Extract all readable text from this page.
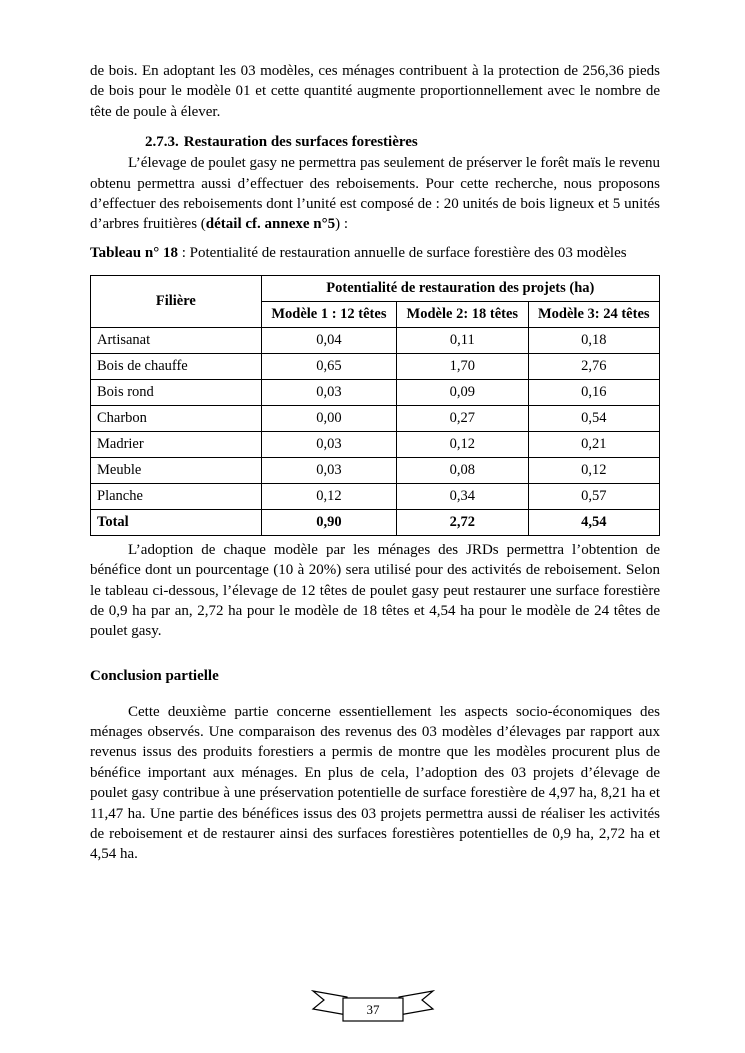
de bois. En adoptant les 03 modèles, ces ménages contribuent à la protection de 256,36 pieds de bois pour le modèle 01 et cette quantité augmente proportionnellement avec le nombre de tête de poule à élever.

2.7.3. Restauration des surfaces forestières

L’élevage de poulet gasy ne permettra pas seulement de préserver le forêt maïs le revenu obtenu permettra aussi d’effectuer des reboisements. Pour cette recherche, nous proposons d’effectuer des reboisements dont l’unité est composé de : 20 unités de bois ligneux et 5 unités d’arbres fruitières (détail cf. annexe n°5) :

Tableau n° 18 : Potentialité de restauration annuelle de surface forestière des 03 modèles

Filière	Potentialité de restauration des projets (ha)		
	Modèle 1 : 12 têtes	Modèle 2: 18 têtes	Modèle 3: 24 têtes
Artisanat	0,04	0,11	0,18
Bois de chauffe	0,65	1,70	2,76
Bois rond	0,03	0,09	0,16
Charbon	0,00	0,27	0,54
Madrier	0,03	0,12	0,21
Meuble	0,03	0,08	0,12
Planche	0,12	0,34	0,57
Total	0,90	2,72	4,54

L’adoption de chaque modèle par les ménages des JRDs permettra l’obtention de bénéfice dont un pourcentage (10 à 20%) sera utilisé pour des activités de reboisement. Selon le tableau ci-dessous, l’élevage de 12 têtes de poulet gasy peut restaurer une surface forestière de 0,9 ha par an, 2,72 ha pour le modèle de 18 têtes et 4,54 ha pour le modèle de 24 têtes de poulet gasy.

Conclusion partielle

Cette deuxième partie concerne essentiellement les aspects socio-économiques des ménages observés. Une comparaison des revenus des 03 modèles d’élevages par rapport aux revenus issus des produits forestiers a permis de montre que les modèles procurent plus de bénéfice important aux ménages. En plus de cela, l’adoption des 03 projets d’élevage de poulet gasy contribue à une préservation potentielle de surface forestière de 4,97 ha, 8,21 ha et 11,47 ha. Une partie des bénéfices issus des 03 projets permettra aussi de réaliser les activités de reboisement et de restaurer ainsi des surfaces forestières potentielles de 0,9 ha, 2,72 ha et 4,54 ha.

37
